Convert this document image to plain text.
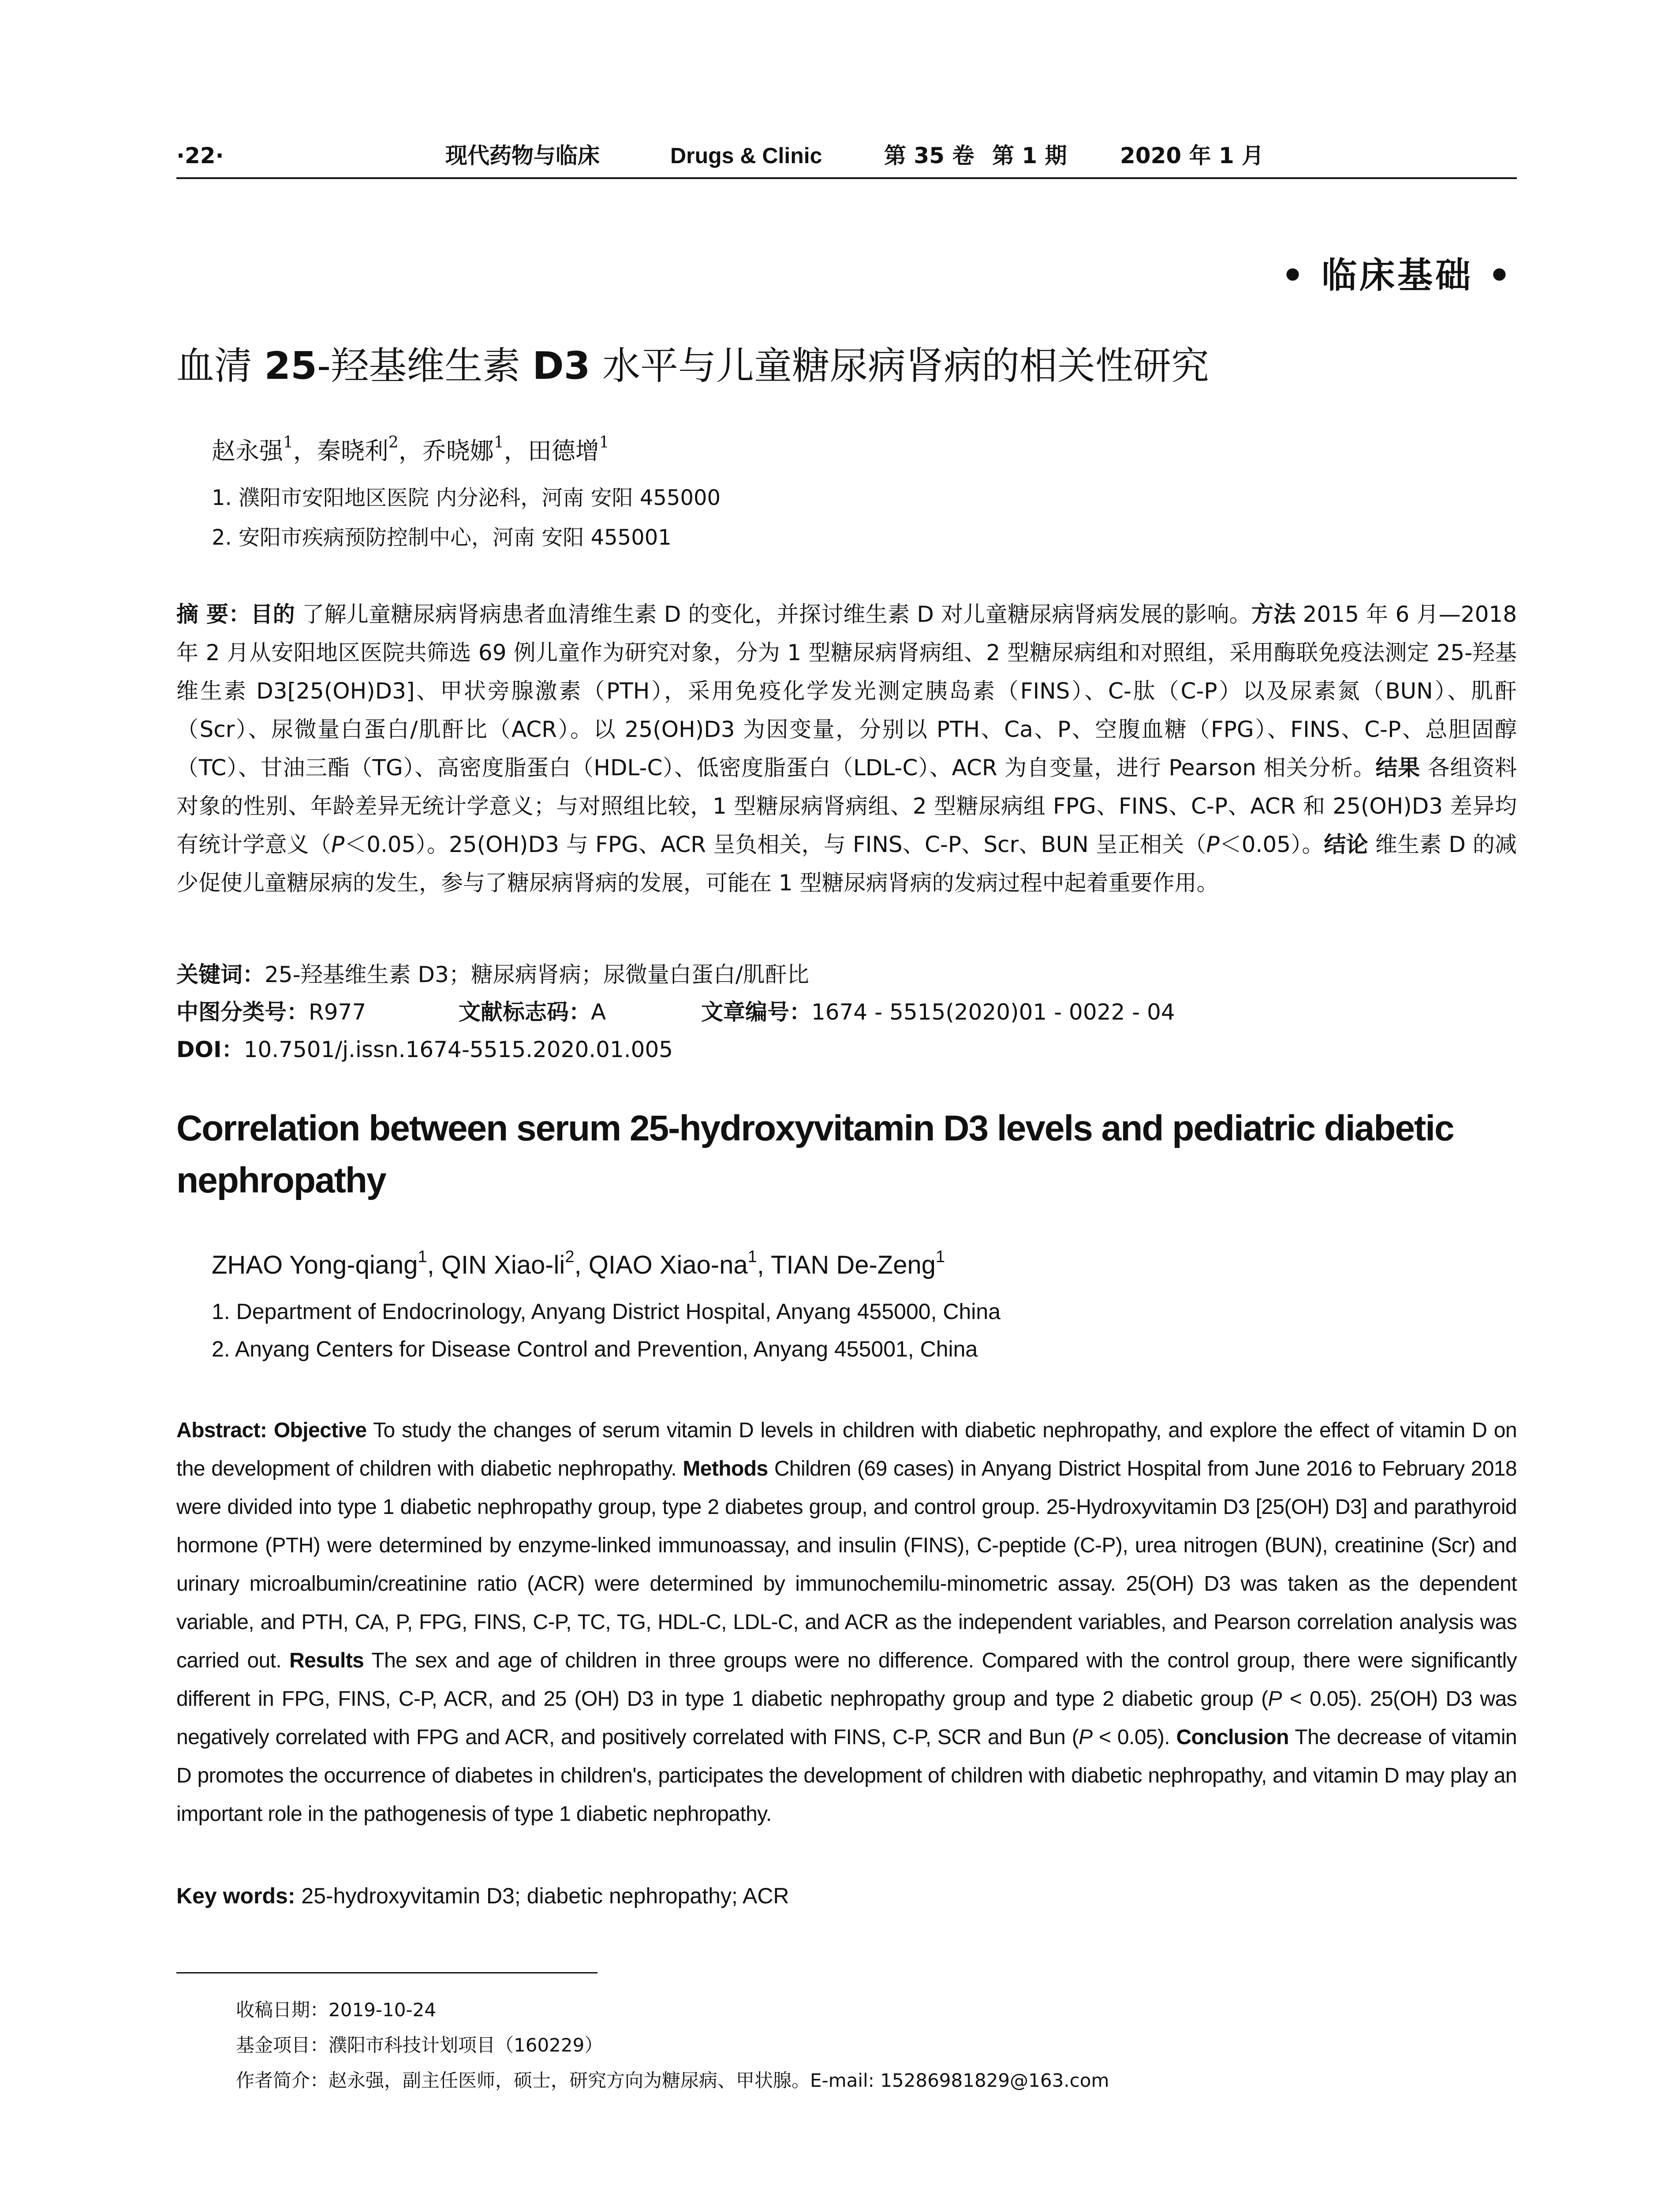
·22·	现代药物与临床	Drugs & Clinic	第 35 卷 第 1 期 2020 年 1 月
• 临床基础 •
血清 25-羟基维生素 D3 水平与儿童糖尿病肾病的相关性研究
赵永强$^1$，秦晓利$^2$，乔晓娜$^1$，田德增$^1$
1. 濮阳市安阳地区医院 内分泌科，河南 安阳 455000
2. 安阳市疾病预防控制中心，河南 安阳 455001
摘 要：目的 了解儿童糖尿病肾病患者血清维生素 D 的变化，并探讨维生素 D 对儿童糖尿病肾病发展的影响。方法 2015 年 6 月—2018 年 2 月从安阳地区医院共筛选 69 例儿童作为研究对象，分为 1 型糖尿病肾病组、2 型糖尿病组和对照组，采用酶联免疫法测定 25-羟基维生素 D3[25(OH)D3]、甲状旁腺激素（PTH），采用免疫化学发光测定胰岛素（FINS）、C-肽（C-P）以及尿素氮（BUN）、肌酐（Scr）、尿微量白蛋白/肌酐比（ACR）。以 25(OH)D3 为因变量，分别以 PTH、Ca、P、空腹血糖（FPG）、FINS、C-P、总胆固醇（TC）、甘油三酯（TG）、高密度脂蛋白（HDL-C）、低密度脂蛋白（LDL-C）、ACR 为自变量，进行 Pearson 相关分析。结果 各组资料对象的性别、年龄差异无统计学意义；与对照组比较，1 型糖尿病肾病组、2 型糖尿病组 FPG、FINS、C-P、ACR 和 25(OH)D3 差异均有统计学意义（P＜0.05）。25(OH)D3 与 FPG、ACR 呈负相关，与 FINS、C-P、Scr、BUN 呈正相关（P＜0.05）。结论 维生素 D 的减少促使儿童糖尿病的发生，参与了糖尿病肾病的发展，可能在 1 型糖尿病肾病的发病过程中起着重要作用。
关键词：25-羟基维生素 D3；糖尿病肾病；尿微量白蛋白/肌酐比
中图分类号：R977	文献标志码：A	文章编号：1674 - 5515(2020)01 - 0022 - 04
DOI：10.7501/j.issn.1674-5515.2020.01.005
Correlation between serum 25-hydroxyvitamin D3 levels and pediatric diabetic nephropathy
ZHAO Yong-qiang$^1$, QIN Xiao-$li^2$, QIAO Xiao-$na^1$, TIAN De-Zeng$^1$
1. Department of Endocrinology, Anyang District Hospital, Anyang 455000, China
2. Anyang Centers for Disease Control and Prevention, Anyang 455001, China
Abstract: Objective To study the changes of serum vitamin D levels in children with diabetic nephropathy, and explore the effect of vitamin D on the development of children with diabetic nephropathy. Methods Children (69 cases) in Anyang District Hospital from June 2016 to February 2018 were divided into type 1 diabetic nephropathy group, type 2 diabetes group, and control group. 25-Hydroxyvitamin D3 [25(OH) D3] and parathyroid hormone (PTH) were determined by enzyme-linked immunoassay, and insulin (FINS), C-peptide (C-P), urea nitrogen (BUN), creatinine (Scr) and urinary microalbumin/creatinine ratio (ACR) were determined by immunochemilu-minometric assay. 25(OH) D3 was taken as the dependent variable, and PTH, CA, P, FPG, FINS, C-P, TC, TG, HDL-C, LDL-C, and ACR as the independent variables, and Pearson correlation analysis was carried out. Results The sex and age of children in three groups were no difference. Compared with the control group, there were significantly different in FPG, FINS, C-P, ACR, and 25 (OH) D3 in type 1 diabetic nephropathy group and type 2 diabetic group (P < 0.05). 25(OH) D3 was negatively correlated with FPG and ACR, and positively correlated with FINS, C-P, SCR and Bun (P < 0.05). Conclusion The decrease of vitamin D promotes the occurrence of diabetes in children's, participates the development of children with diabetic nephropathy, and vitamin D may play an important role in the pathogenesis of type 1 diabetic nephropathy.
Key words: 25-hydroxyvitamin D3; diabetic nephropathy; ACR
收稿日期：2019-10-24
基金项目：濮阳市科技计划项目（160229）
作者简介：赵永强，副主任医师，硕士，研究方向为糖尿病、甲状腺。E-mail: 15286981829@163.com
